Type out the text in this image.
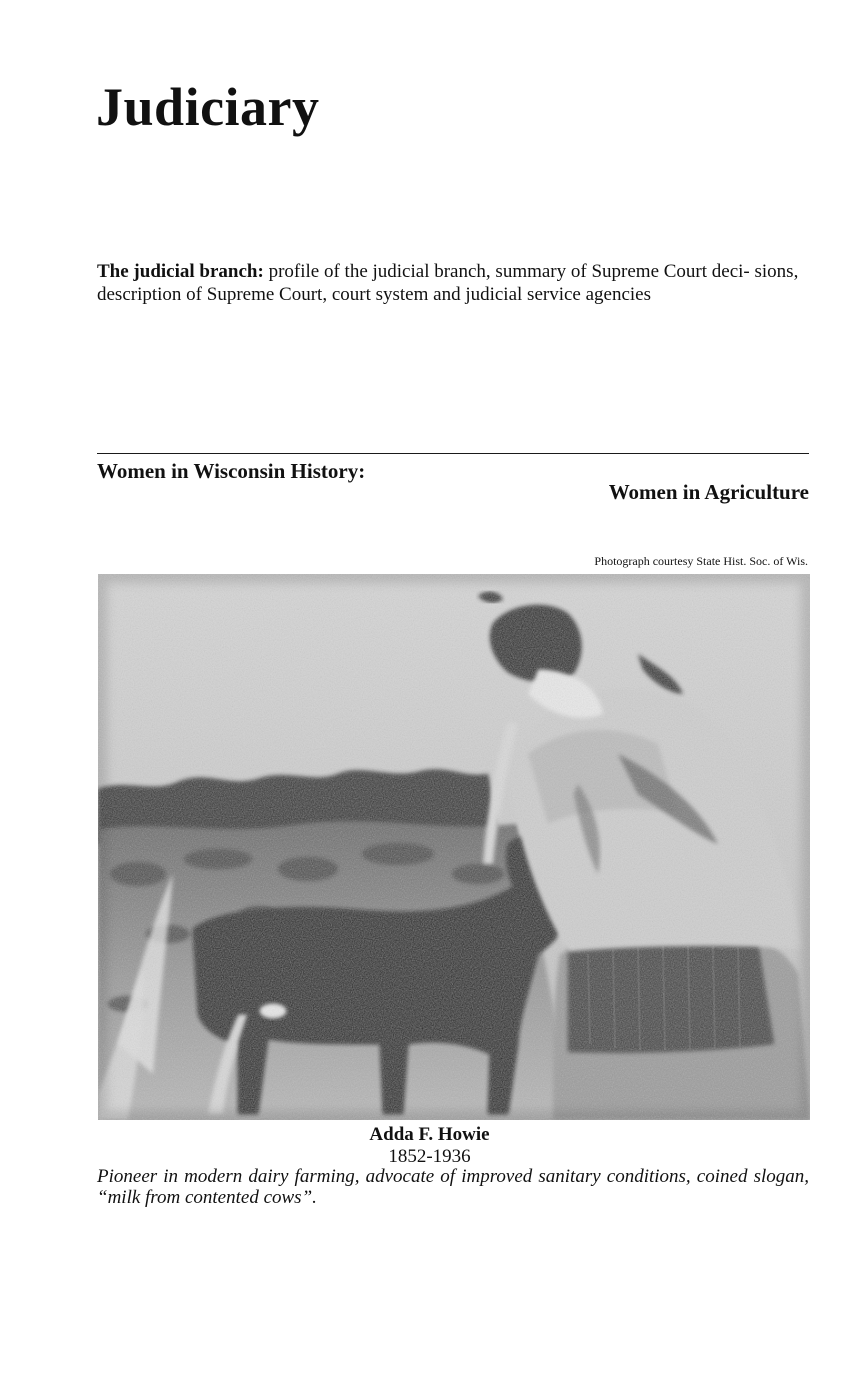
Judiciary

The judicial branch: profile of the judicial branch, summary of Supreme Court deci- sions, description of Supreme Court, court system and judicial service agencies

Women in Wisconsin History:
Women in Agriculture
Photograph courtesy State Hist. Soc. of Wis.
Adda F. Howie
1852-1936

Pioneer in modern dairy farming, advocate of improved sanitary conditions, coined slogan, “milk from contented cows”.
